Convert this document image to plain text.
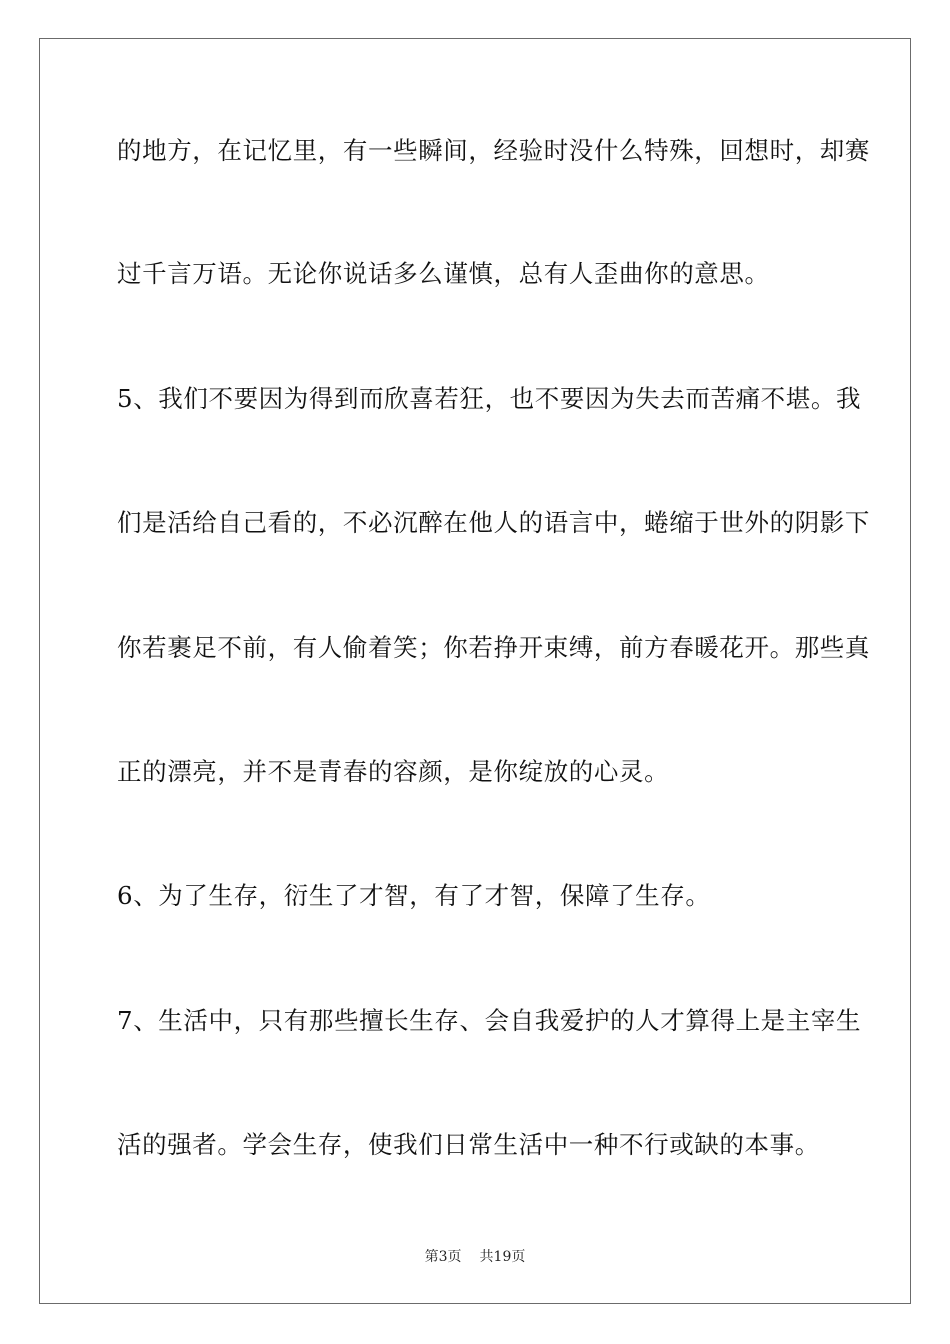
的地方，在记忆里，有一些瞬间，经验时没什么特殊，回想时，却赛
过千言万语。无论你说话多么谨慎，总有人歪曲你的意思。
5、我们不要因为得到而欣喜若狂，也不要因为失去而苦痛不堪。我
们是活给自己看的，不必沉醉在他人的语言中，蜷缩于世外的阴影下
你若裹足不前，有人偷着笑；你若挣开束缚，前方春暖花开。那些真
正的漂亮，并不是青春的容颜，是你绽放的心灵。
6、为了生存，衍生了才智，有了才智，保障了生存。
7、生活中，只有那些擅长生存、会自我爱护的人才算得上是主宰生
活的强者。学会生存，使我们日常生活中一种不行或缺的本事。
第3页 共19页
